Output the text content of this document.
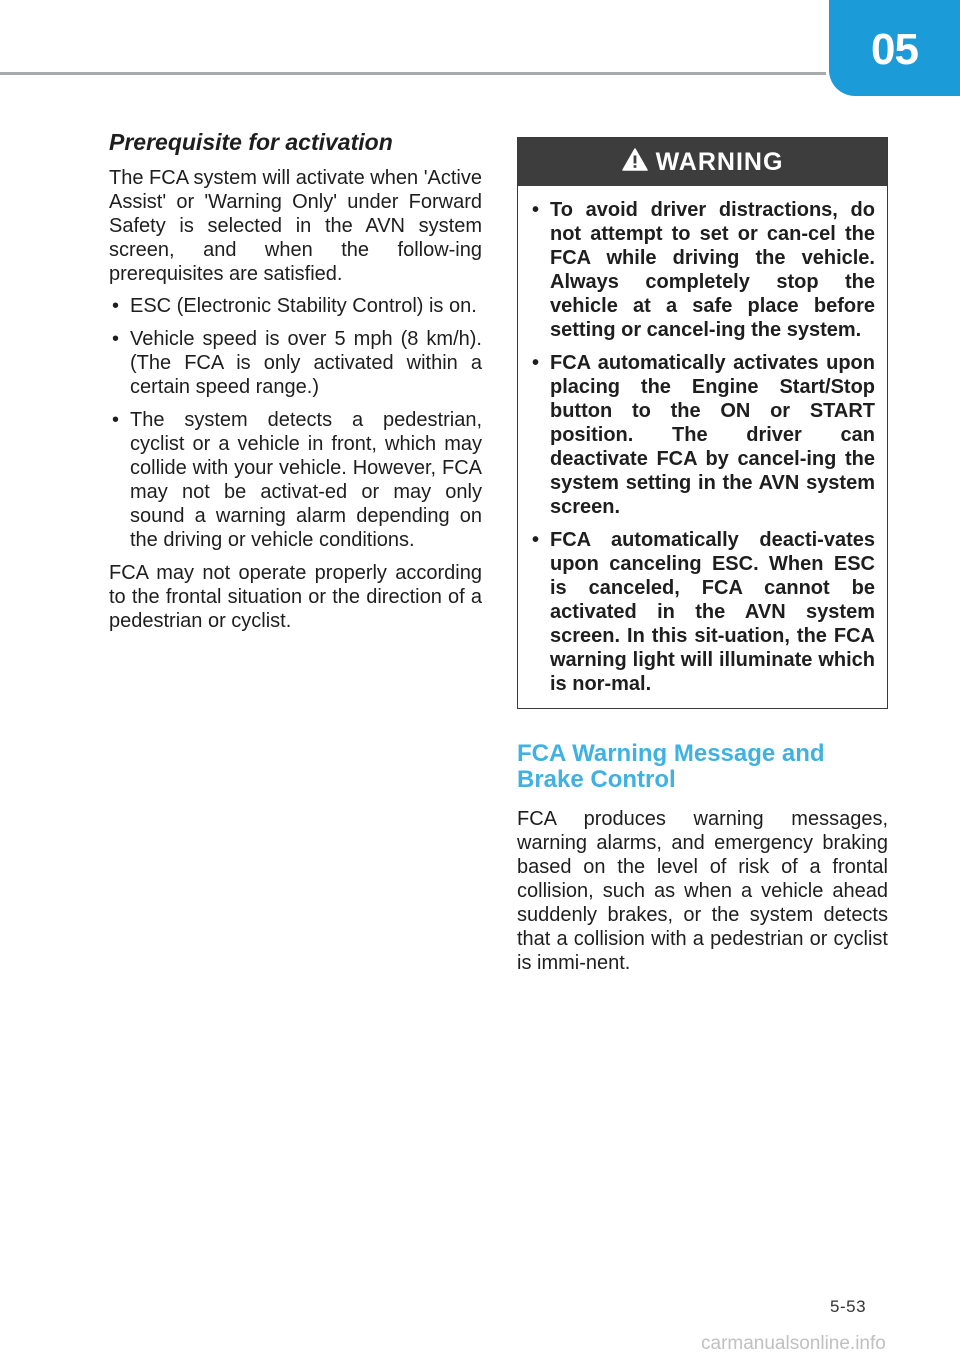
05
Prerequisite for activation

The FCA system will activate when 'Active Assist' or 'Warning Only' under Forward Safety is selected in the AVN system screen, and when the follow-ing prerequisites are satisfied.

• ESC (Electronic Stability Control) is on.
• Vehicle speed is over 5 mph (8 km/h). (The FCA is only activated within a certain speed range.)
• The system detects a pedestrian, cyclist or a vehicle in front, which may collide with your vehicle. However, FCA may not be activat-ed or may only sound a warning alarm depending on the driving or vehicle conditions.

FCA may not operate properly according to the frontal situation or the direction of a pedestrian or cyclist.

WARNING
• To avoid driver distractions, do not attempt to set or can-cel the FCA while driving the vehicle. Always completely stop the vehicle at a safe place before setting or cancel-ing the system.
• FCA automatically activates upon placing the Engine Start/Stop button to the ON or START position. The driver can deactivate FCA by cancel-ing the system setting in the AVN system screen.
• FCA automatically deacti-vates upon canceling ESC. When ESC is canceled, FCA cannot be activated in the AVN system screen. In this sit-uation, the FCA warning light will illuminate which is nor-mal.
FCA Warning Message and Brake Control

FCA produces warning messages, warning alarms, and emergency braking based on the level of risk of a frontal collision, such as when a vehicle ahead suddenly brakes, or the system detects that a collision with a pedestrian or cyclist is immi-nent.

5-53
carmanualsonline.info
